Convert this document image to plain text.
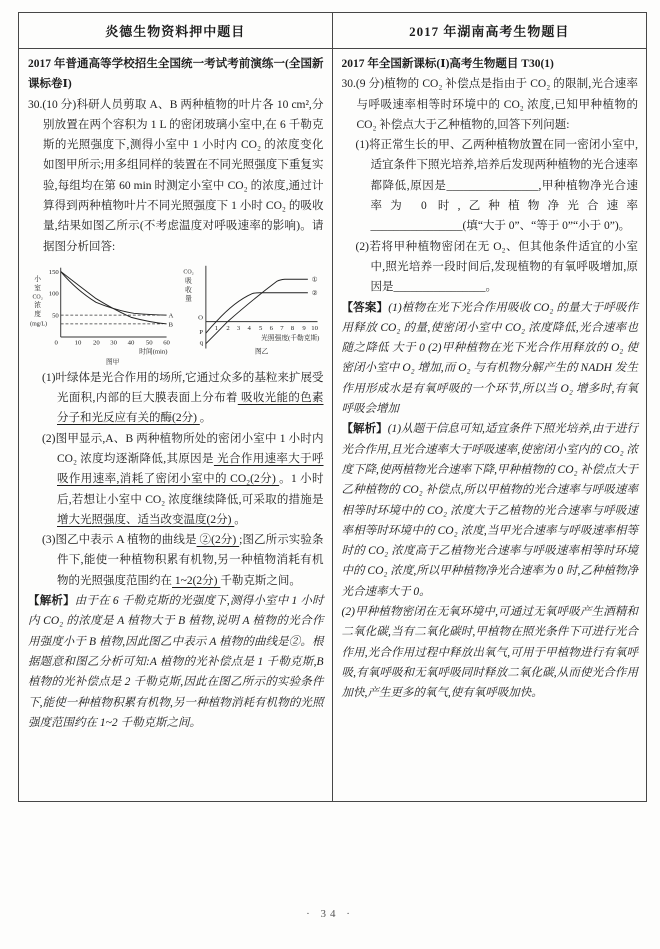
炎德生物资料押中题目	2017 年湖南高考生物题目

2017 年普通高等学校招生全国统一考试考前演练一(全国新课标卷Ⅰ)

30.(10 分)科研人员剪取 A、B 两种植物的叶片各 10 cm²,分别放置在两个容积为 1 L 的密闭玻璃小室中,在 6 千勒克斯的光照强度下,测得小室中 1 小时内 CO₂ 的浓度变化如图甲所示;用多组同样的装置在不同光照强度下重复实验,每组均在第 60 min 时测定小室中 CO₂ 的浓度,通过计算得到两种植物叶片不同光照强度下 1 小时 CO₂ 的吸收量,结果如图乙所示(不考虑温度对呼吸速率的影响)。请据图分析回答:

小
室
CO₂
浓
度
(mg/L)
150
100
50
0 10 20 30 40 50 60
A
B
时间(min)
图甲
CO₂
吸
收
量
O
P
q
1 2 3 4 5 6 7 8 9 10
①
②
光照强度(千勒克斯)
图乙

(1)叶绿体是光合作用的场所,它通过众多的基粒来扩展受光面积,内部的巨大膜表面上分布着 吸收光能的色素分子和光反应有关的酶(2分) 。

(2)图甲显示,A、B 两种植物所处的密闭小室中 1 小时内 CO₂ 浓度均逐渐降低,其原因是 光合作用速率大于呼吸作用速率,消耗了密闭小室中的 CO₂(2分) 。1 小时后,若想让小室中 CO₂ 浓度继续降低,可采取的措施是 增大光照强度、适当改变温度(2分) 。

(3)图乙中表示 A 植物的曲线是 ②(2分) ;图乙所示实验条件下,能使一种植物积累有机物,另一种植物消耗有机物的光照强度范围约在 1~2(2分) 千勒克斯之间。

【解析】由于在 6 千勒克斯的光强度下,测得小室中 1 小时内 CO₂ 的浓度是 A 植物大于 B 植物,说明 A 植物的光合作用强度小于 B 植物,因此图乙中表示 A 植物的曲线是②。根据题意和图乙分析可知:A 植物的光补偿点是 1 千勒克斯,B 植物的光补偿点是 2 千勒克斯,因此在图乙所示的实验条件下,能使一种植物积累有机物,另一种植物消耗有机物的光照强度范围约在 1~2 千勒克斯之间。

2017 年全国新课标(Ⅰ)高考生物题目 T30(1)

30.(9 分)植物的 CO₂ 补偿点是指由于 CO₂ 的限制,光合速率与呼吸速率相等时环境中的 CO₂ 浓度,已知甲种植物的 CO₂ 补偿点大于乙种植物的,回答下列问题:

(1)将正常生长的甲、乙两种植物放置在同一密闭小室中,适宜条件下照光培养,培养后发现两种植物的光合速率都降低,原因是________________,甲种植物净光合速率为 0 时,乙种植物净光合速率________________(填“大于 0”、“等于 0”“小于 0”)。

(2)若将甲种植物密闭在无 O₂、但其他条件适宜的小室中,照光培养一段时间后,发现植物的有氧呼吸增加,原因是________________。

【答案】(1)植物在光下光合作用吸收 CO₂ 的量大于呼吸作用释放 CO₂ 的量,使密闭小室中 CO₂ 浓度降低,光合速率也随之降低 大于 0 (2)甲种植物在光下光合作用释放的 O₂ 使密闭小室中 O₂ 增加,而 O₂ 与有机物分解产生的 NADH 发生作用形成水是有氧呼吸的一个环节,所以当 O₂ 增多时,有氧呼吸会增加

【解析】(1)从题干信息可知,适宜条件下照光培养,由于进行光合作用,且光合速率大于呼吸速率,使密闭小室内的 CO₂ 浓度下降,使两植物光合速率下降,甲种植物的 CO₂ 补偿点大于乙种植物的 CO₂ 补偿点,所以甲植物的光合速率与呼吸速率相等时环境中的 CO₂ 浓度大于乙植物的光合速率与呼吸速率相等时环境中的 CO₂ 浓度,当甲光合速率与呼吸速率相等时的 CO₂ 浓度高于乙植物光合速率与呼吸速率相等时环境中的 CO₂ 浓度,所以甲种植物净光合速率为 0 时,乙种植物净光合速率大于 0。

(2)甲种植物密闭在无氧环境中,可通过无氧呼吸产生酒精和二氧化碳,当有二氧化碳时,甲植物在照光条件下可进行光合作用,光合作用过程中释放出氧气,可用于甲植物进行有氧呼吸,有氧呼吸和无氧呼吸同时释放二氧化碳,从而使光合作用加快,产生更多的氧气,使有氧呼吸加快。

· 34 ·
